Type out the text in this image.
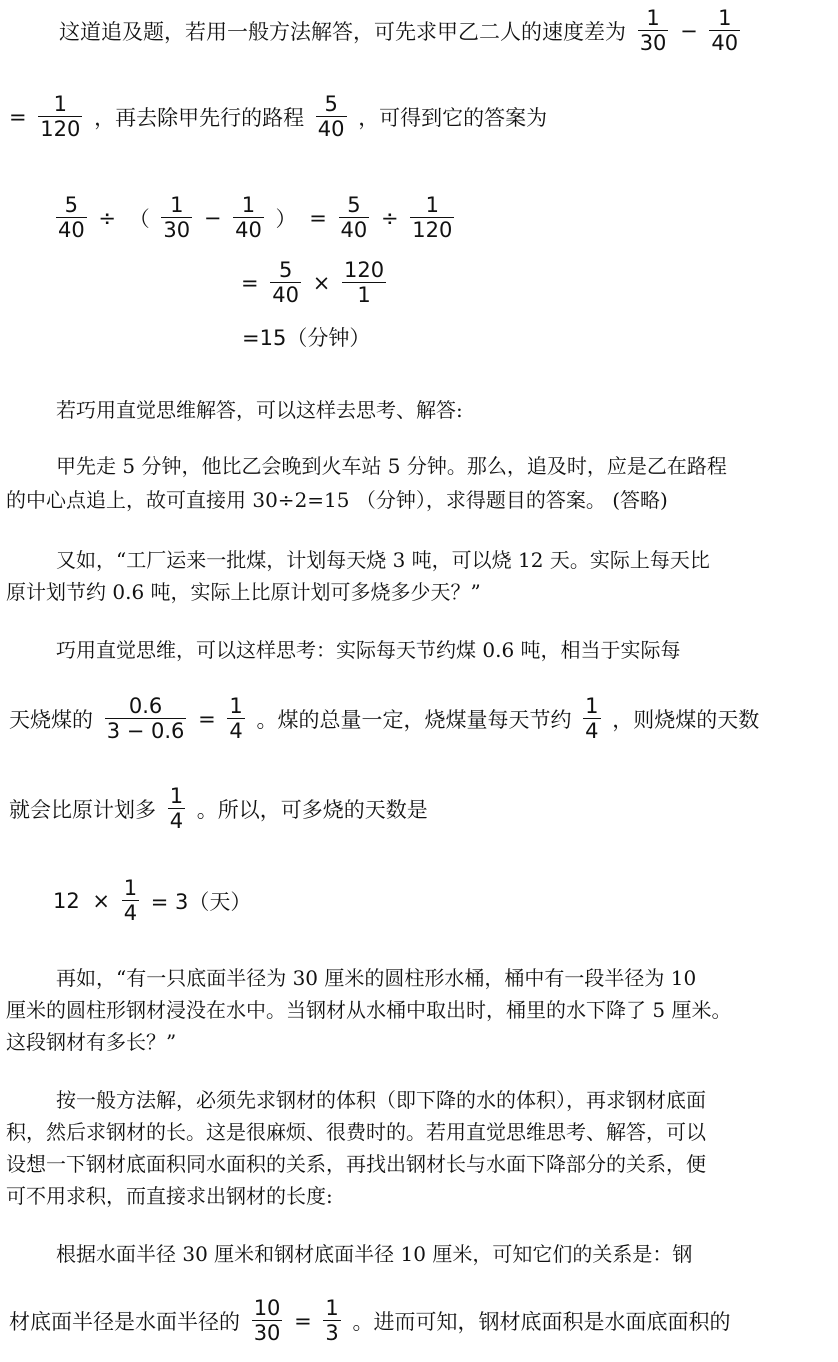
这道追及题，若用一般方法解答，可先求甲乙二人的速度差为 $\frac{1}{30} - \frac{1}{40}$
= $\frac{1}{120}$ ，再去除甲先行的路程 $\frac{5}{40}$ ，可得到它的答案为
$\frac{5}{40}$ ÷ （ $\frac{1}{30} - \frac{1}{40}$ ） = $\frac{5}{40} \div \frac{1}{120}$
= $\frac{5}{40} \times \frac{120}{1}$
=15（分钟）
若巧用直觉思维解答，可以这样去思考、解答:
甲先走 5 分钟，他比乙会晚到火车站 5 分钟。那么，追及时，应是乙在路程
的中心点追上，故可直接用 30÷2=15 （分钟），求得题目的答案。 (答略)
又如，“工厂运来一批煤，计划每天烧 3 吨，可以烧 12 天。实际上每天比
原计划节约 0.6 吨，实际上比原计划可多烧多少天？”
巧用直觉思维，可以这样思考：实际每天节约煤 0.6 吨，相当于实际每
天烧煤的 $\frac{0.6}{3 - 0.6} = \frac{1}{4}$ 。煤的总量一定，烧煤量每天节约 $\frac{1}{4}$ ，则烧煤的天数
就会比原计划多 $\frac{1}{4}$ 。所以，可多烧的天数是
$12 \times \frac{1}{4} = 3$（天）
再如，“有一只底面半径为 30 厘米的圆柱形水桶，桶中有一段半径为 10
厘米的圆柱形钢材浸没在水中。当钢材从水桶中取出时，桶里的水下降了 5 厘米。
这段钢材有多长？”
按一般方法解，必须先求钢材的体积（即下降的水的体积），再求钢材底面
积，然后求钢材的长。这是很麻烦、很费时的。若用直觉思维思考、解答，可以
设想一下钢材底面积同水面积的关系，再找出钢材长与水面下降部分的关系，便
可不用求积，而直接求出钢材的长度:
根据水面半径 30 厘米和钢材底面半径 10 厘米，可知它们的关系是：钢
材底面半径是水面半径的 $\frac{10}{30} = \frac{1}{3}$ 。进而可知，钢材底面积是水面底面积的
